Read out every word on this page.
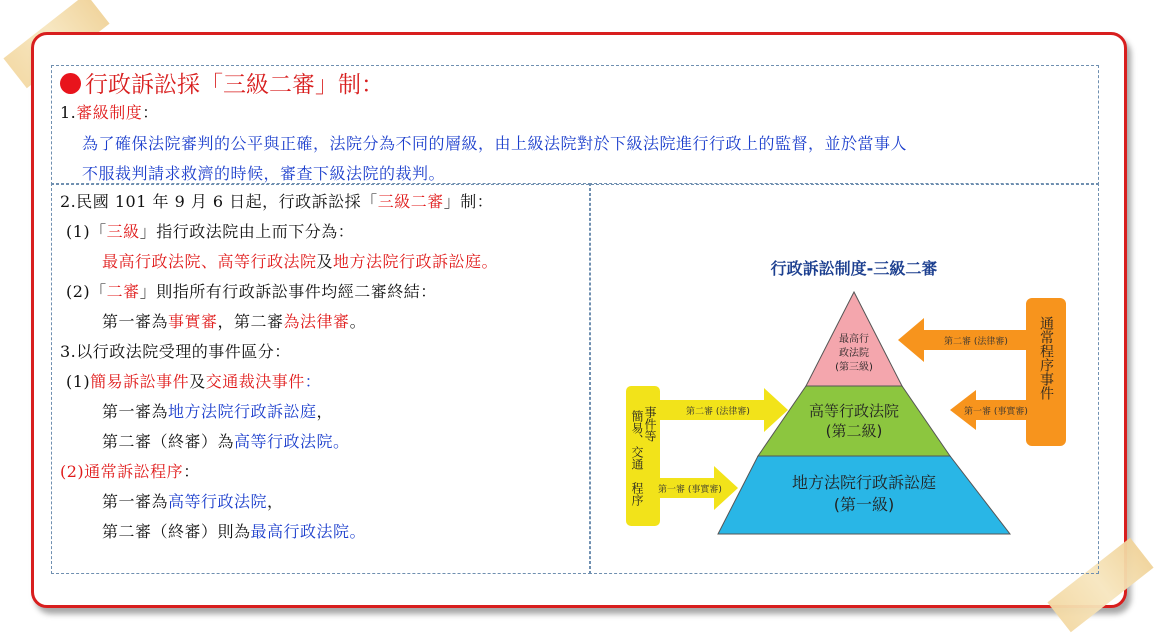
行政訴訟採「三級二審」制：
1.審級制度：
為了確保法院審判的公平與正確，法院分為不同的層級，由上級法院對於下級法院進行行政上的監督，並於當事人
不服裁判請求救濟的時候，審查下級法院的裁判。
2.民國 101 年 9 月 6 日起，行政訴訟採「三級二審」制：
(1)「三級」指行政法院由上而下分為：
最高行政法院、高等行政法院及地方法院行政訴訟庭。
(2)「二審」則指所有行政訴訟事件均經二審終結：
第一審為事實審，第二審為法律審。
3.以行政法院受理的事件區分：
(1)簡易訴訟事件及交通裁決事件：
第一審為地方法院行政訴訟庭，
第二審（終審）為高等行政法院。
(2)通常訴訟程序：
第一審為高等行政法院，
第二審（終審）則為最高行政法院。
行政訴訟制度-三級二審
最高行
政法院
(第三級)
高等行政法院
(第二級)
地方法院行政訴訟庭
(第一級)
第二審 (法律審)
第一審 (事實審)
事件等
簡易、交通
程序
第二審 (法律審)
第一審 (事實審)
通常程序事件
